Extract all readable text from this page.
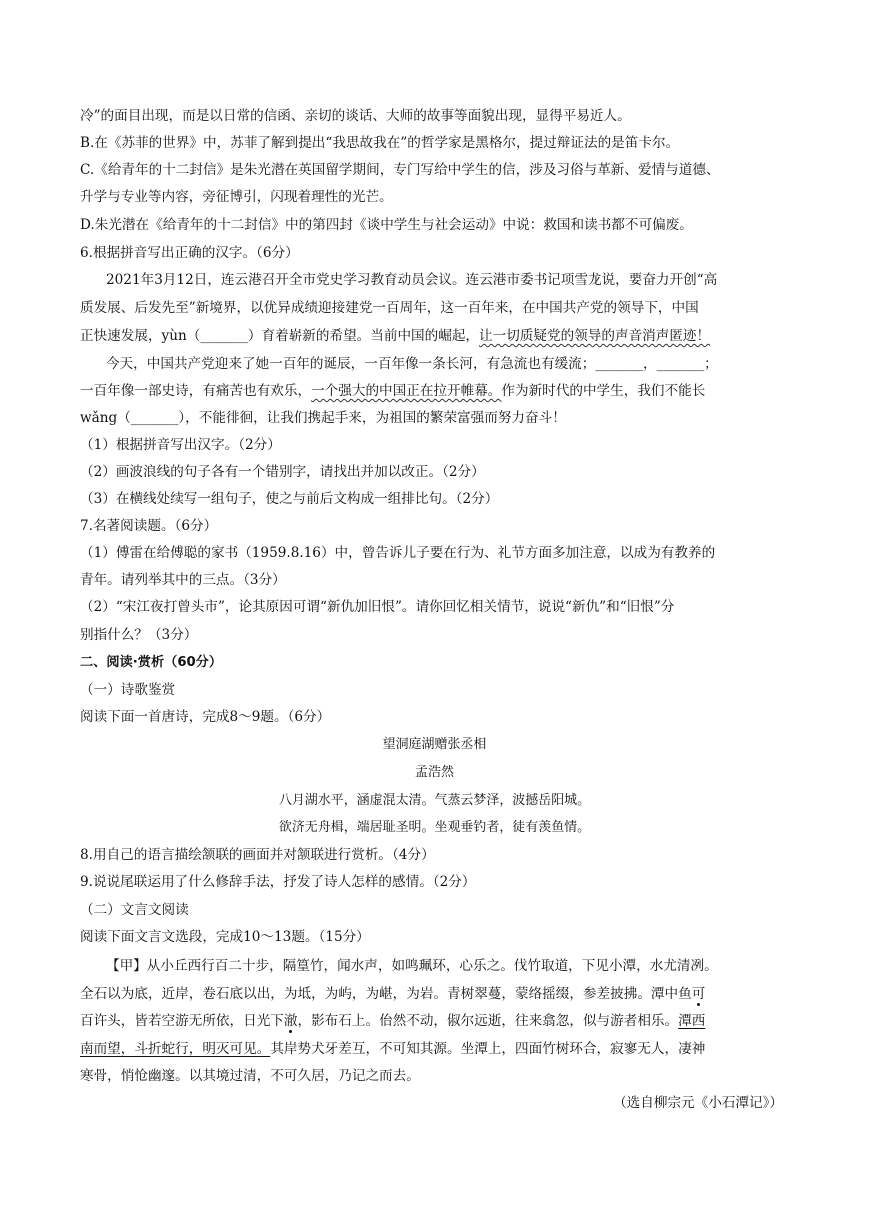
冷”的面目出现，而是以日常的信函、亲切的谈话、大师的故事等面貌出现，显得平易近人。
B.在《苏菲的世界》中，苏菲了解到提出“我思故我在”的哲学家是黑格尔，提过辩证法的是笛卡尔。
C.《给青年的十二封信》是朱光潜在英国留学期间，专门写给中学生的信，涉及习俗与革新、爱情与道德、
升学与专业等内容，旁征博引，闪现着理性的光芒。
D.朱光潜在《给青年的十二封信》中的第四封《谈中学生与社会运动》中说：救国和读书都不可偏废。
6.根据拼音写出正确的汉字。（6分）
2021年3月12日，连云港召开全市党史学习教育动员会议。连云港市委书记项雪龙说，要奋力开创“高
质发展、后发先至”新境界，以优异成绩迎接建党一百周年，这一百年来，在中国共产党的领导下，中国
正快速发展，yùn（_______）育着崭新的希望。当前中国的崛起，让一切质疑党的领导的声音消声匿迹！
今天，中国共产党迎来了她一百年的诞辰，一百年像一条长河，有急流也有缓流；_______，_______；
一百年像一部史诗，有痛苦也有欢乐，一个强大的中国正在拉开帷幕。作为新时代的中学生，我们不能长
wǎng（_______），不能徘徊，让我们携起手来，为祖国的繁荣富强而努力奋斗！
（1）根据拼音写出汉字。（2分）
（2）画波浪线的句子各有一个错别字，请找出并加以改正。（2分）
（3）在横线处续写一组句子，使之与前后文构成一组排比句。（2分）
7.名著阅读题。（6分）
（1）傅雷在给傅聪的家书（1959.8.16）中，曾告诉儿子要在行为、礼节方面多加注意，以成为有教养的
青年。请列举其中的三点。（3分）
（2）“宋江夜打曾头市”，论其原因可谓“新仇加旧恨”。请你回忆相关情节，说说“新仇”和“旧恨”分
别指什么？（3分）
二、阅读·赏析（60分）
（一）诗歌鉴赏
阅读下面一首唐诗，完成8～9题。（6分）
望洞庭湖赠张丞相
孟浩然
八月湖水平，涵虚混太清。气蒸云梦泽，波撼岳阳城。
欲济无舟楫，端居耻圣明。坐观垂钓者，徒有羡鱼情。
8.用自己的语言描绘颔联的画面并对颔联进行赏析。（4分）
9.说说尾联运用了什么修辞手法，抒发了诗人怎样的感情。（2分）
（二）文言文阅读
阅读下面文言文选段，完成10～13题。（15分）
【甲】从小丘西行百二十步，隔篁竹，闻水声，如鸣珮环，心乐之。伐竹取道，下见小潭，水尤清冽。
全石以为底，近岸，卷石底以出，为坻，为屿，为嵁，为岩。青树翠蔓，蒙络摇缀，参差披拂。潭中鱼可
百许头，皆若空游无所依，日光下澈，影布石上。佁然不动，俶尔远逝，往来翕忽，似与游者相乐。潭西
南而望，斗折蛇行，明灭可见。其岸势犬牙差互，不可知其源。坐潭上，四面竹树环合，寂寥无人，凄神
寒骨，悄怆幽邃。以其境过清，不可久居，乃记之而去。
（选自柳宗元《小石潭记》）
